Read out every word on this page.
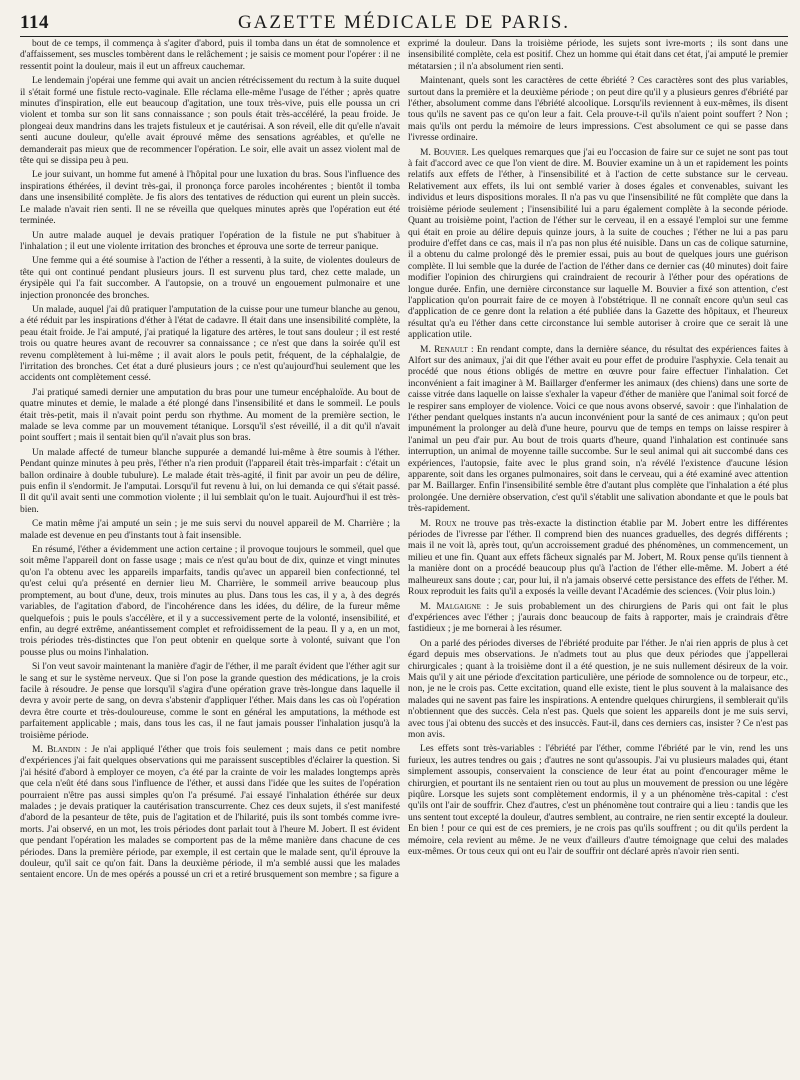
114	GAZETTE MÉDICALE DE PARIS.

bout de ce temps, il commença à s'agiter d'abord, puis il tomba dans un état de somnolence et d'affaissement, ses muscles tombèrent dans le relâchement ; je saisis ce moment pour l'opérer : il ne ressentit point la douleur, mais il eut un affreux cauchemar.

Le lendemain j'opérai une femme qui avait un ancien rétrécissement du rectum à la suite duquel il s'était formé une fistule recto-vaginale. Elle réclama elle-même l'usage de l'éther ; après quatre minutes d'inspiration, elle eut beaucoup d'agitation, une toux très-vive, puis elle poussa un cri violent et tomba sur son lit sans connaissance ; son pouls était très-accéléré, la peau froide. Je plongeai deux mandrins dans les trajets fistuleux et je cautérisai. A son réveil, elle dit qu'elle n'avait senti aucune douleur, qu'elle avait éprouvé même des sensations agréables, et qu'elle ne demanderait pas mieux que de recommencer l'opération. Le soir, elle avait un assez violent mal de tête qui se dissipa peu à peu.

Le jour suivant, un homme fut amené à l'hôpital pour une luxation du bras. Sous l'influence des inspirations éthérées, il devint très-gai, il prononça force paroles incohérentes ; bientôt il tomba dans une insensibilité complète. Je fis alors des tentatives de réduction qui eurent un plein succès. Le malade n'avait rien senti. Il ne se réveilla que quelques minutes après que l'opération eut été terminée.

Un autre malade auquel je devais pratiquer l'opération de la fistule ne put s'habituer à l'inhalation ; il eut une violente irritation des bronches et éprouva une sorte de terreur panique.

Une femme qui a été soumise à l'action de l'éther a ressenti, à la suite, de violentes douleurs de tête qui ont continué pendant plusieurs jours. Il est survenu plus tard, chez cette malade, un érysipèle qui l'a fait succomber. A l'autopsie, on a trouvé un engouement pulmonaire et une injection prononcée des bronches.

Un malade, auquel j'ai dû pratiquer l'amputation de la cuisse pour une tumeur blanche au genou, a été réduit par les inspirations d'éther à l'état de cadavre. Il était dans une insensibilité complète, la peau était froide. Je l'ai amputé, j'ai pratiqué la ligature des artères, le tout sans douleur ; il est resté trois ou quatre heures avant de recouvrer sa connaissance ; ce n'est que dans la soirée qu'il est revenu complètement à lui-même ; il avait alors le pouls petit, fréquent, de la céphalalgie, de l'irritation des bronches. Cet état a duré plusieurs jours ; ce n'est qu'aujourd'hui seulement que les accidents ont complètement cessé.

J'ai pratiqué samedi dernier une amputation du bras pour une tumeur encéphaloïde. Au bout de quatre minutes et demie, le malade a été plongé dans l'insensibilité et dans le sommeil. Le pouls était très-petit, mais il n'avait point perdu son rhythme. Au moment de la première section, le malade se leva comme par un mouvement tétanique. Lorsqu'il s'est réveillé, il a dit qu'il n'avait point souffert ; mais il sentait bien qu'il n'avait plus son bras.

Un malade affecté de tumeur blanche suppurée a demandé lui-même à être soumis à l'éther. Pendant quinze minutes à peu près, l'éther n'a rien produit (l'appareil était très-imparfait : c'était un ballon ordinaire à double tubulure). Le malade était très-agité, il finit par avoir un peu de délire, puis enfin il s'endormit. Je l'amputai. Lorsqu'il fut revenu à lui, on lui demanda ce qui s'était passé. Il dit qu'il avait senti une commotion violente ; il lui semblait qu'on le tuait. Aujourd'hui il est très-bien.

Ce matin même j'ai amputé un sein ; je me suis servi du nouvel appareil de M. Charrière ; la malade est devenue en peu d'instants tout à fait insensible.

En résumé, l'éther a évidemment une action certaine ; il provoque toujours le sommeil, quel que soit même l'appareil dont on fasse usage ; mais ce n'est qu'au bout de dix, quinze et vingt minutes qu'on l'a obtenu avec les appareils imparfaits, tandis qu'avec un appareil bien confectionné, tel qu'est celui qu'a présenté en dernier lieu M. Charrière, le sommeil arrive beaucoup plus promptement, au bout d'une, deux, trois minutes au plus. Dans tous les cas, il y a, à des degrés variables, de l'agitation d'abord, de l'incohérence dans les idées, du délire, de la fureur même quelquefois ; puis le pouls s'accélère, et il y a successivement perte de la volonté, insensibilité, et enfin, au degré extrême, anéantissement complet et refroidissement de la peau. Il y a, en un mot, trois périodes très-distinctes que l'on peut obtenir en quelque sorte à volonté, suivant que l'on pousse plus ou moins l'inhalation.

Si l'on veut savoir maintenant la manière d'agir de l'éther, il me paraît évident que l'éther agit sur le sang et sur le système nerveux. Que si l'on pose la grande question des médications, je la crois facile à résoudre. Je pense que lorsqu'il s'agira d'une opération grave très-longue dans laquelle il devra y avoir perte de sang, on devra s'abstenir d'appliquer l'éther. Mais dans les cas où l'opération devra être courte et très-douloureuse, comme le sont en général les amputations, la méthode est parfaitement applicable ; mais, dans tous les cas, il ne faut jamais pousser l'inhalation jusqu'à la troisième période.

M. Blandin : Je n'ai appliqué l'éther que trois fois seulement ; mais dans ce petit nombre d'expériences j'ai fait quelques observations qui me paraissent susceptibles d'éclairer la question. Si j'ai hésité d'abord à employer ce moyen, c'a été par la crainte de voir les malades longtemps après que cela n'eût été dans sous l'influence de l'éther, et aussi dans l'idée que les suites de l'opération pourraient n'être pas aussi simples qu'on l'a présumé. J'ai essayé l'inhalation éthérée sur deux malades ; je devais pratiquer la cautérisation transcurrente. Chez ces deux sujets, il s'est manifesté d'abord de la pesanteur de tête, puis de l'agitation et de l'hilarité, puis ils sont tombés comme ivre-morts. J'ai observé, en un mot, les trois périodes dont parlait tout à l'heure M. Jobert. Il est évident que pendant l'opération les malades se comportent pas de la même manière dans chacune de ces périodes. Dans la première période, par exemple, il est certain que le malade sent, qu'il éprouve la douleur, qu'il sait ce qu'on fait. Dans la deuxième période, il m'a semblé aussi que les malades sentaient encore. Un de mes opérés a poussé un cri et a retiré brusquement son membre ; sa figure a

exprimé la douleur. Dans la troisième période, les sujets sont ivre-morts ; ils sont dans une insensibilité complète, cela est positif. Chez un homme qui était dans cet état, j'ai amputé le premier métatarsien ; il n'a absolument rien senti.

Maintenant, quels sont les caractères de cette ébriété ? Ces caractères sont des plus variables, surtout dans la première et la deuxième période ; on peut dire qu'il y a plusieurs genres d'ébriété par l'éther, absolument comme dans l'ébriété alcoolique. Lorsqu'ils reviennent à eux-mêmes, ils disent tous qu'ils ne savent pas ce qu'on leur a fait. Cela prouve-t-il qu'ils n'aient point souffert ? Non ; mais qu'ils ont perdu la mémoire de leurs impressions. C'est absolument ce qui se passe dans l'ivresse ordinaire.

M. Bouvier. Les quelques remarques que j'ai eu l'occasion de faire sur ce sujet ne sont pas tout à fait d'accord avec ce que l'on vient de dire. M. Bouvier examine un à un et rapidement les points relatifs aux effets de l'éther, à l'insensibilité et à l'action de cette substance sur le cerveau. Relativement aux effets, ils lui ont semblé varier à doses égales et convenables, suivant les individus et leurs dispositions morales. Il n'a pas vu que l'insensibilité ne fût complète que dans la troisième période seulement ; l'insensibilité lui a paru également complète à la seconde période. Quant au troisième point, l'action de l'éther sur le cerveau, il en a essayé l'emploi sur une femme qui était en proie au délire depuis quinze jours, à la suite de couches ; l'éther ne lui a pas paru produire d'effet dans ce cas, mais il n'a pas non plus été nuisible. Dans un cas de colique saturnine, il a obtenu du calme prolongé dès le premier essai, puis au bout de quelques jours une guérison complète. Il lui semble que la durée de l'action de l'éther dans ce dernier cas (40 minutes) doit faire modifier l'opinion des chirurgiens qui craindraient de recourir à l'éther pour des opérations de longue durée. Enfin, une dernière circonstance sur laquelle M. Bouvier a fixé son attention, c'est l'application qu'on pourrait faire de ce moyen à l'obstétrique. Il ne connaît encore qu'un seul cas d'application de ce genre dont la relation a été publiée dans la Gazette des hôpitaux, et l'heureux résultat qu'a eu l'éther dans cette circonstance lui semble autoriser à croire que ce serait là une application utile.

M. Renault : En rendant compte, dans la dernière séance, du résultat des expériences faites à Alfort sur des animaux, j'ai dit que l'éther avait eu pour effet de produire l'asphyxie. Cela tenait au procédé que nous étions obligés de mettre en œuvre pour faire effectuer l'inhalation. Cet inconvénient a fait imaginer à M. Baillarger d'enfermer les animaux (des chiens) dans une sorte de caisse vitrée dans laquelle on laisse s'exhaler la vapeur d'éther de manière que l'animal soit forcé de le respirer sans employer de violence. Voici ce que nous avons observé, savoir : que l'inhalation de l'éther pendant quelques instants n'a aucun inconvénient pour la santé de ces animaux ; qu'on peut impunément la prolonger au delà d'une heure, pourvu que de temps en temps on laisse respirer à l'animal un peu d'air pur. Au bout de trois quarts d'heure, quand l'inhalation est continuée sans interruption, un animal de moyenne taille succombe. Sur le seul animal qui ait succombé dans ces expériences, l'autopsie, faite avec le plus grand soin, n'a révélé l'existence d'aucune lésion apparente, soit dans les organes pulmonaires, soit dans le cerveau, qui a été examiné avec attention par M. Baillarger. Enfin l'insensibilité semble être d'autant plus complète que l'inhalation a été plus prolongée. Une dernière observation, c'est qu'il s'établit une salivation abondante et que le pouls bat très-rapidement.

M. Roux ne trouve pas très-exacte la distinction établie par M. Jobert entre les différentes périodes de l'ivresse par l'éther. Il comprend bien des nuances graduelles, des degrés différents ; mais il ne voit là, après tout, qu'un accroissement gradué des phénomènes, un commencement, un milieu et une fin. Quant aux effets fâcheux signalés par M. Jobert, M. Roux pense qu'ils tiennent à la manière dont on a procédé beaucoup plus qu'à l'action de l'éther elle-même. M. Jobert a été malheureux sans doute ; car, pour lui, il n'a jamais observé cette persistance des effets de l'éther. M. Roux reproduit les faits qu'il a exposés la veille devant l'Académie des sciences. (Voir plus loin.)

M. Malgaigne : Je suis probablement un des chirurgiens de Paris qui ont fait le plus d'expériences avec l'éther ; j'aurais donc beaucoup de faits à rapporter, mais je craindrais d'être fastidieux ; je me bornerai à les résumer.

On a parlé des périodes diverses de l'ébriété produite par l'éther. Je n'ai rien appris de plus à cet égard depuis mes observations. Je n'admets tout au plus que deux périodes que j'appellerai chirurgicales ; quant à la troisième dont il a été question, je ne suis nullement désireux de la voir. Mais qu'il y ait une période d'excitation particulière, une période de somnolence ou de torpeur, etc., non, je ne le crois pas. Cette excitation, quand elle existe, tient le plus souvent à la malaisance des malades qui ne savent pas faire les inspirations. A entendre quelques chirurgiens, il semblerait qu'ils n'obtiennent que des succès. Cela n'est pas. Quels que soient les appareils dont je me suis servi, avec tous j'ai obtenu des succès et des insuccès. Faut-il, dans ces derniers cas, insister ? Ce n'est pas mon avis.

Les effets sont très-variables : l'ébriété par l'éther, comme l'ébriété par le vin, rend les uns furieux, les autres tendres ou gais ; d'autres ne sont qu'assoupis. J'ai vu plusieurs malades qui, étant simplement assoupis, conservaient la conscience de leur état au point d'encourager même le chirurgien, et pourtant ils ne sentaient rien ou tout au plus un mouvement de pression ou une légère piqûre. Lorsque les sujets sont complètement endormis, il y a un phénomène très-capital : c'est qu'ils ont l'air de souffrir. Chez d'autres, c'est un phénomène tout contraire qui a lieu : tandis que les uns sentent tout excepté la douleur, d'autres semblent, au contraire, ne rien sentir excepté la douleur. En bien ! pour ce qui est de ces premiers, je ne crois pas qu'ils souffrent ; ou dit qu'ils perdent la mémoire, cela revient au même. Je ne veux d'ailleurs d'autre témoignage que celui des malades eux-mêmes. Or tous ceux qui ont eu l'air de souffrir ont déclaré après n'avoir rien senti.
